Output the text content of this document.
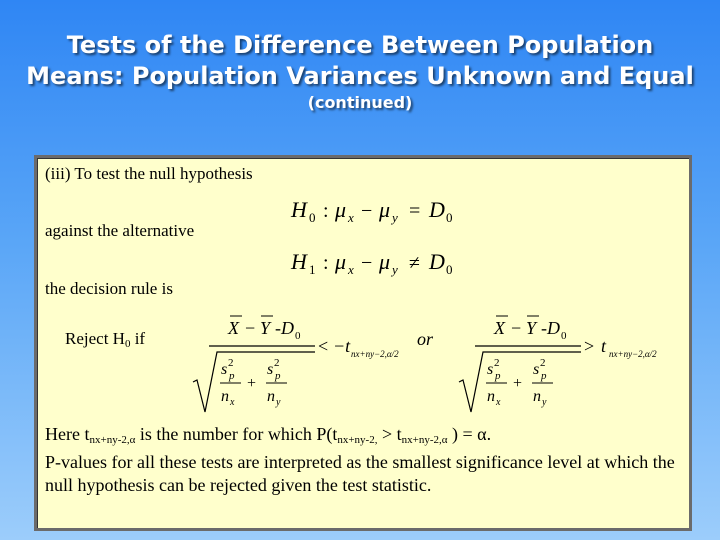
Tests of the Difference Between Population
Means: Population Variances Unknown and Equal
(continued)
(iii) To test the null hypothesis
H 0 : μ x − μ y = D 0
against the alternative
H 1 : μ x − μ y ≠ D 0
the decision rule is
Reject $H_0$ if
X − Y - D 0
s 2
p
n x
+
s 2
p
n y
< −t nx+ny−2,α/2
or
X − Y - D 0
s 2
p
n x
+
s 2
p
n y
> t nx+ny−2,α/2
Here $t_{nx+ny-2,\alpha}$ is the number for which $P(t_{nx+ny-2,} > t_{nx+ny-2,\alpha}$ ) = α.
P-values for all these tests are interpreted as the smallest significance level at which the null hypothesis can be rejected given the test statistic.
